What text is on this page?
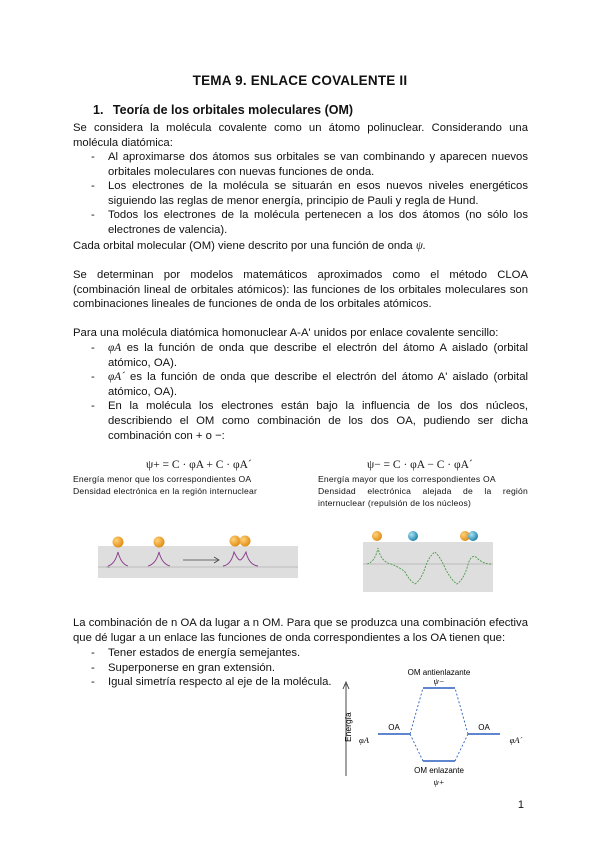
TEMA 9. ENLACE COVALENTE II
1. Teoría de los orbitales moleculares (OM)
Se considera la molécula covalente como un átomo polinuclear. Considerando una molécula diatómica:
- Al aproximarse dos átomos sus orbitales se van combinando y aparecen nuevos orbitales moleculares con nuevas funciones de onda.
- Los electrones de la molécula se situarán en esos nuevos niveles energéticos siguiendo las reglas de menor energía, principio de Pauli y regla de Hund.
- Todos los electrones de la molécula pertenecen a los dos átomos (no sólo los electrones de valencia).
Cada orbital molecular (OM) viene descrito por una función de onda ψ.
Se determinan por modelos matemáticos aproximados como el método CLOA (combinación lineal de orbitales atómicos): las funciones de los orbitales moleculares son combinaciones lineales de funciones de onda de los orbitales atómicos.
Para una molécula diatómica homonuclear A-A' unidos por enlace covalente sencillo:
- φA es la función de onda que describe el electrón del átomo A aislado (orbital atómico, OA).
- φA´ es la función de onda que describe el electrón del átomo A' aislado (orbital atómico, OA).
- En la molécula los electrones están bajo la influencia de los dos núcleos, describiendo el OM como combinación de los dos OA, pudiendo ser dicha combinación con + o −:
ψ+ = C · φA + C · φA´	ψ− = C · φA − C · φA´
Energía menor que los correspondientes OA
Densidad electrónica en la región internuclear
Energía mayor que los correspondientes OA
Densidad electrónica alejada de la región internuclear (repulsión de los núcleos)
~
La combinación de n OA da lugar a n OM. Para que se produzca una combinación efectiva que dé lugar a un enlace las funciones de onda correspondientes a los OA tienen que:
- Tener estados de energía semejantes.
- Superponerse en gran extensión.
- Igual simetría respecto al eje de la molécula.
Energía
OM antienlazante
ψ−
OA	OA
φA	φA´
OM enlazante
ψ+
1
